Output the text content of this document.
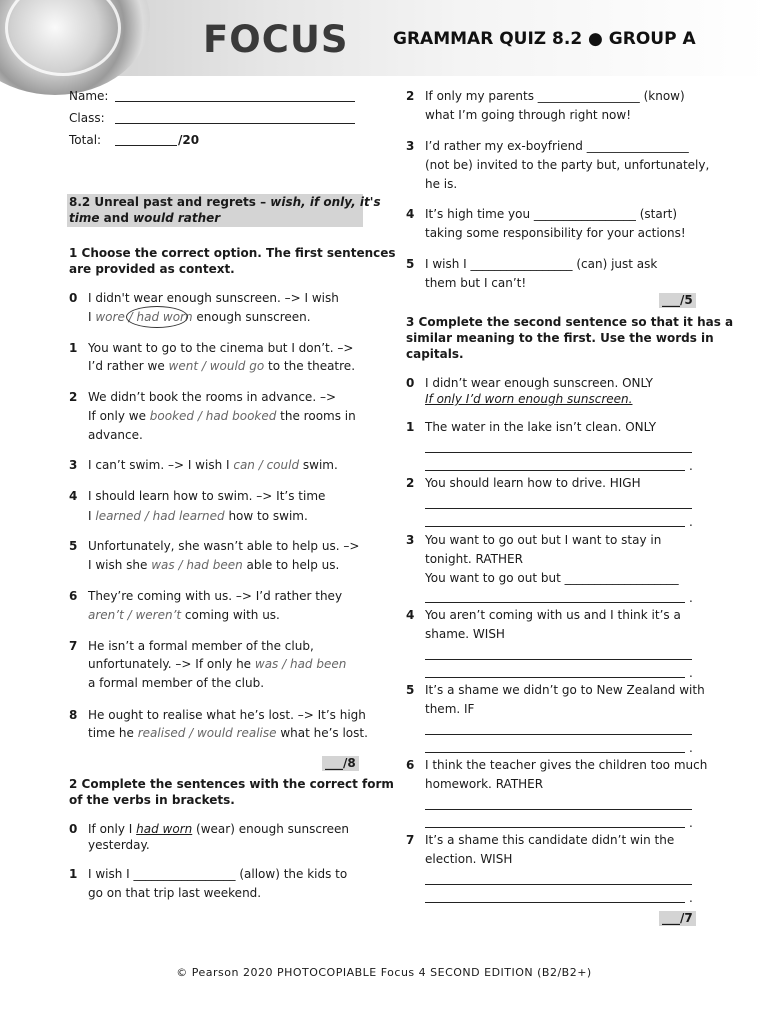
FOCUS	GRAMMAR QUIZ 8.2 ● GROUP A
Name:
Class:
Total:	/20
8.2 Unreal past and regrets – wish, if only, it's
time and would rather
1 Choose the correct option. The first sentences
are provided as context.
0 I didn't wear enough sunscreen. –> I wish
I wore / had worn enough sunscreen.
1 You want to go to the cinema but I don’t. –>
I’d rather we went / would go to the theatre.
2 We didn’t book the rooms in advance. –>
If only we booked / had booked the rooms in
advance.
3 I can’t swim. –> I wish I can / could swim.
4 I should learn how to swim. –> It’s time
I learned / had learned how to swim.
5 Unfortunately, she wasn’t able to help us. –>
I wish she was / had been able to help us.
6 They’re coming with us. –> I’d rather they
aren’t / weren’t coming with us.
7 He isn’t a formal member of the club,
unfortunately. –> If only he was / had been
a formal member of the club.
8 He ought to realise what he’s lost. –> It’s high
time he realised / would realise what he’s lost.
___/8
2 Complete the sentences with the correct form
of the verbs in brackets.
0 If only I had worn (wear) enough sunscreen
yesterday.
1 I wish I _________________ (allow) the kids to
go on that trip last weekend.
2 If only my parents _________________ (know)
what I’m going through right now!
3 I’d rather my ex-boyfriend _________________
(not be) invited to the party but, unfortunately,
he is.
4 It’s high time you _________________ (start)
taking some responsibility for your actions!
5 I wish I _________________ (can) just ask
them but I can’t!
___/5
3 Complete the second sentence so that it has a
similar meaning to the first. Use the words in
capitals.
0 I didn’t wear enough sunscreen. ONLY
If only I’d worn enough sunscreen.
1 The water in the lake isn’t clean. ONLY
.
2 You should learn how to drive. HIGH
.
3 You want to go out but I want to stay in
tonight. RATHER
You want to go out but ___________________
.
4 You aren’t coming with us and I think it’s a
shame. WISH
.
5 It’s a shame we didn’t go to New Zealand with
them. IF
.
6 I think the teacher gives the children too much
homework. RATHER
.
7 It’s a shame this candidate didn’t win the
election. WISH
.
___/7
© Pearson 2020 PHOTOCOPIABLE Focus 4 SECOND EDITION (B2/B2+)
